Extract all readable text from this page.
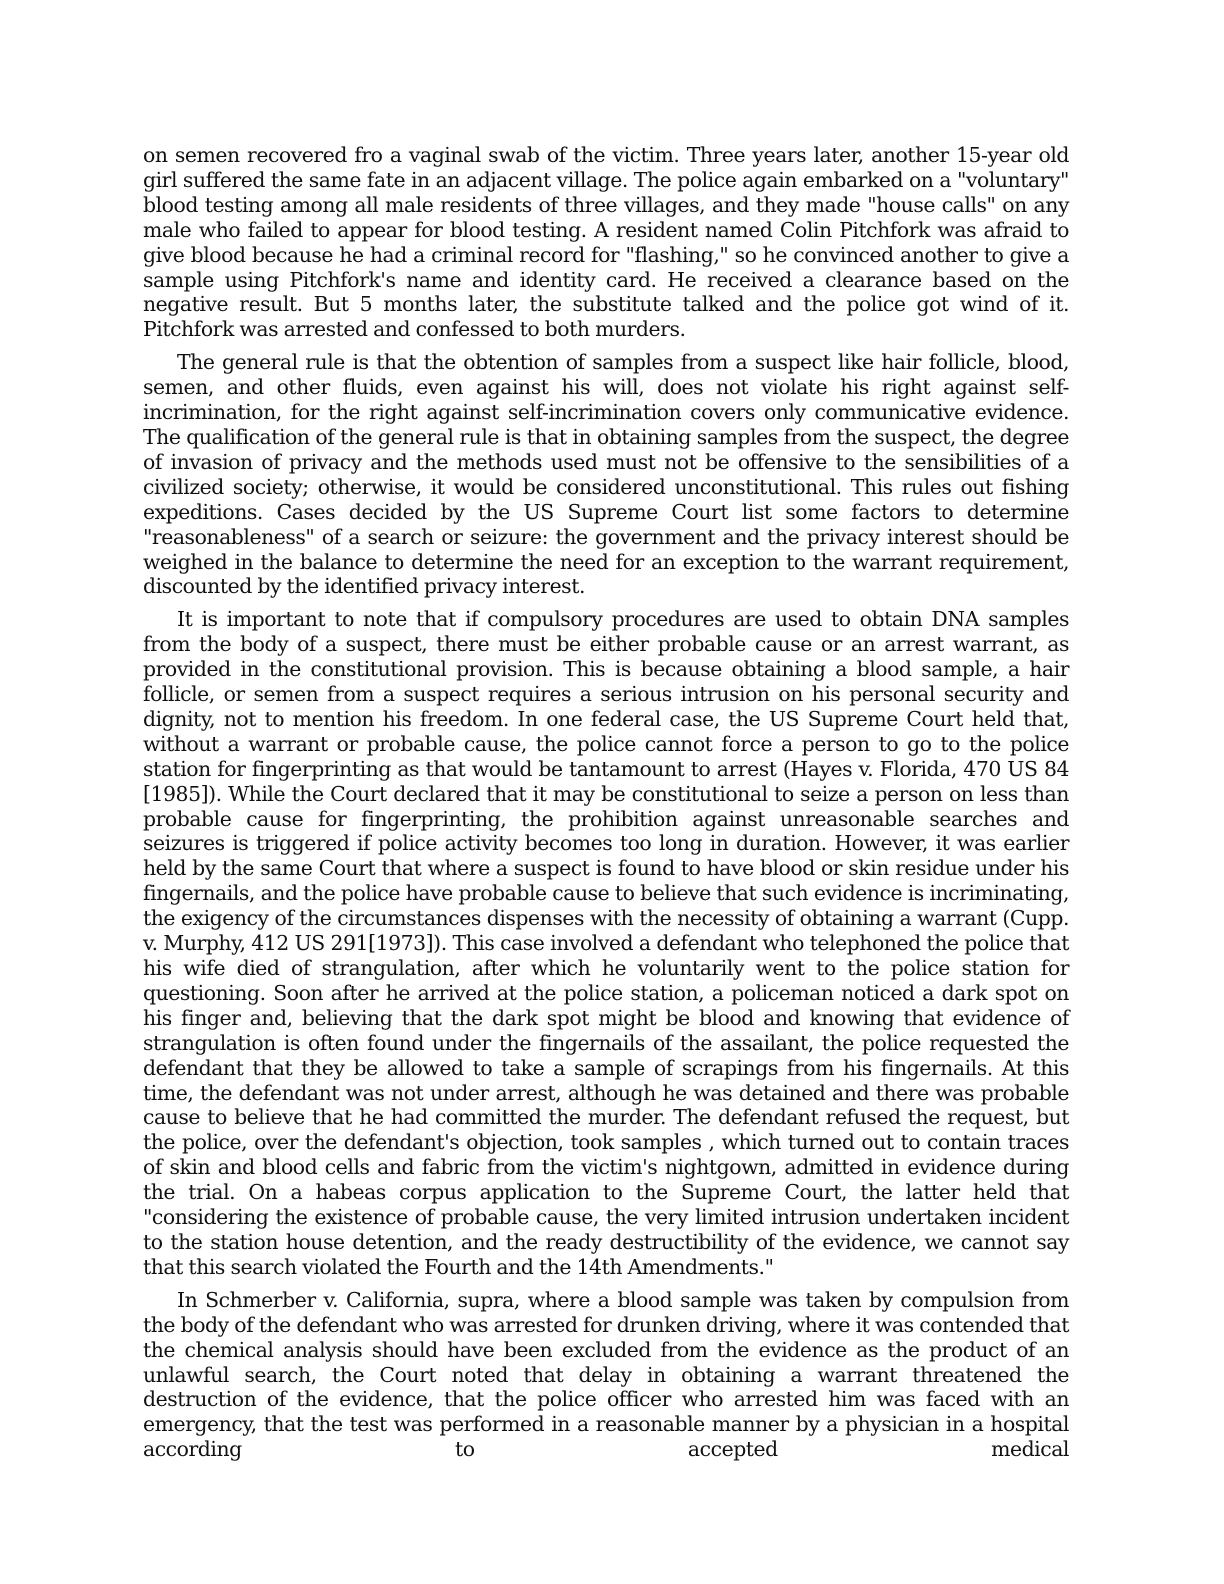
on semen recovered fro a vaginal swab of the victim. Three years later, another 15-year old girl suffered the same fate in an adjacent village. The police again embarked on a "voluntary" blood testing among all male residents of three villages, and they made "house calls" on any male who failed to appear for blood testing. A resident named Colin Pitchfork was afraid to give blood because he had a criminal record for "flashing," so he convinced another to give a sample using Pitchfork's name and identity card. He received a clearance based on the negative result. But 5 months later, the substitute talked and the police got wind of it. Pitchfork was arrested and confessed to both murders.

The general rule is that the obtention of samples from a suspect like hair follicle, blood, semen, and other fluids, even against his will, does not violate his right against self-incrimination, for the right against self-incrimination covers only communicative evidence. The qualification of the general rule is that in obtaining samples from the suspect, the degree of invasion of privacy and the methods used must not be offensive to the sensibilities of a civilized society; otherwise, it would be considered unconstitutional. This rules out fishing expeditions. Cases decided by the US Supreme Court list some factors to determine "reasonableness" of a search or seizure: the government and the privacy interest should be weighed in the balance to determine the need for an exception to the warrant requirement, discounted by the identified privacy interest.

It is important to note that if compulsory procedures are used to obtain DNA samples from the body of a suspect, there must be either probable cause or an arrest warrant, as provided in the constitutional provision. This is because obtaining a blood sample, a hair follicle, or semen from a suspect requires a serious intrusion on his personal security and dignity, not to mention his freedom. In one federal case, the US Supreme Court held that, without a warrant or probable cause, the police cannot force a person to go to the police station for fingerprinting as that would be tantamount to arrest (Hayes v. Florida, 470 US 84 [1985]). While the Court declared that it may be constitutional to seize a person on less than probable cause for fingerprinting, the prohibition against unreasonable searches and seizures is triggered if police activity becomes too long in duration. However, it was earlier held by the same Court that where a suspect is found to have blood or skin residue under his fingernails, and the police have probable cause to believe that such evidence is incriminating, the exigency of the circumstances dispenses with the necessity of obtaining a warrant (Cupp. v. Murphy, 412 US 291[1973]). This case involved a defendant who telephoned the police that his wife died of strangulation, after which he voluntarily went to the police station for questioning. Soon after he arrived at the police station, a policeman noticed a dark spot on his finger and, believing that the dark spot might be blood and knowing that evidence of strangulation is often found under the fingernails of the assailant, the police requested the defendant that they be allowed to take a sample of scrapings from his fingernails. At this time, the defendant was not under arrest, although he was detained and there was probable cause to believe that he had committed the murder. The defendant refused the request, but the police, over the defendant's objection, took samples , which turned out to contain traces of skin and blood cells and fabric from the victim's nightgown, admitted in evidence during the trial. On a habeas corpus application to the Supreme Court, the latter held that "considering the existence of probable cause, the very limited intrusion undertaken incident to the station house detention, and the ready destructibility of the evidence, we cannot say that this search violated the Fourth and the 14th Amendments."

In Schmerber v. California, supra, where a blood sample was taken by compulsion from the body of the defendant who was arrested for drunken driving, where it was contended that the chemical analysis should have been excluded from the evidence as the product of an unlawful search, the Court noted that delay in obtaining a warrant threatened the destruction of the evidence, that the police officer who arrested him was faced with an emergency, that the test was performed in a reasonable manner by a physician in a hospital according to accepted medical
